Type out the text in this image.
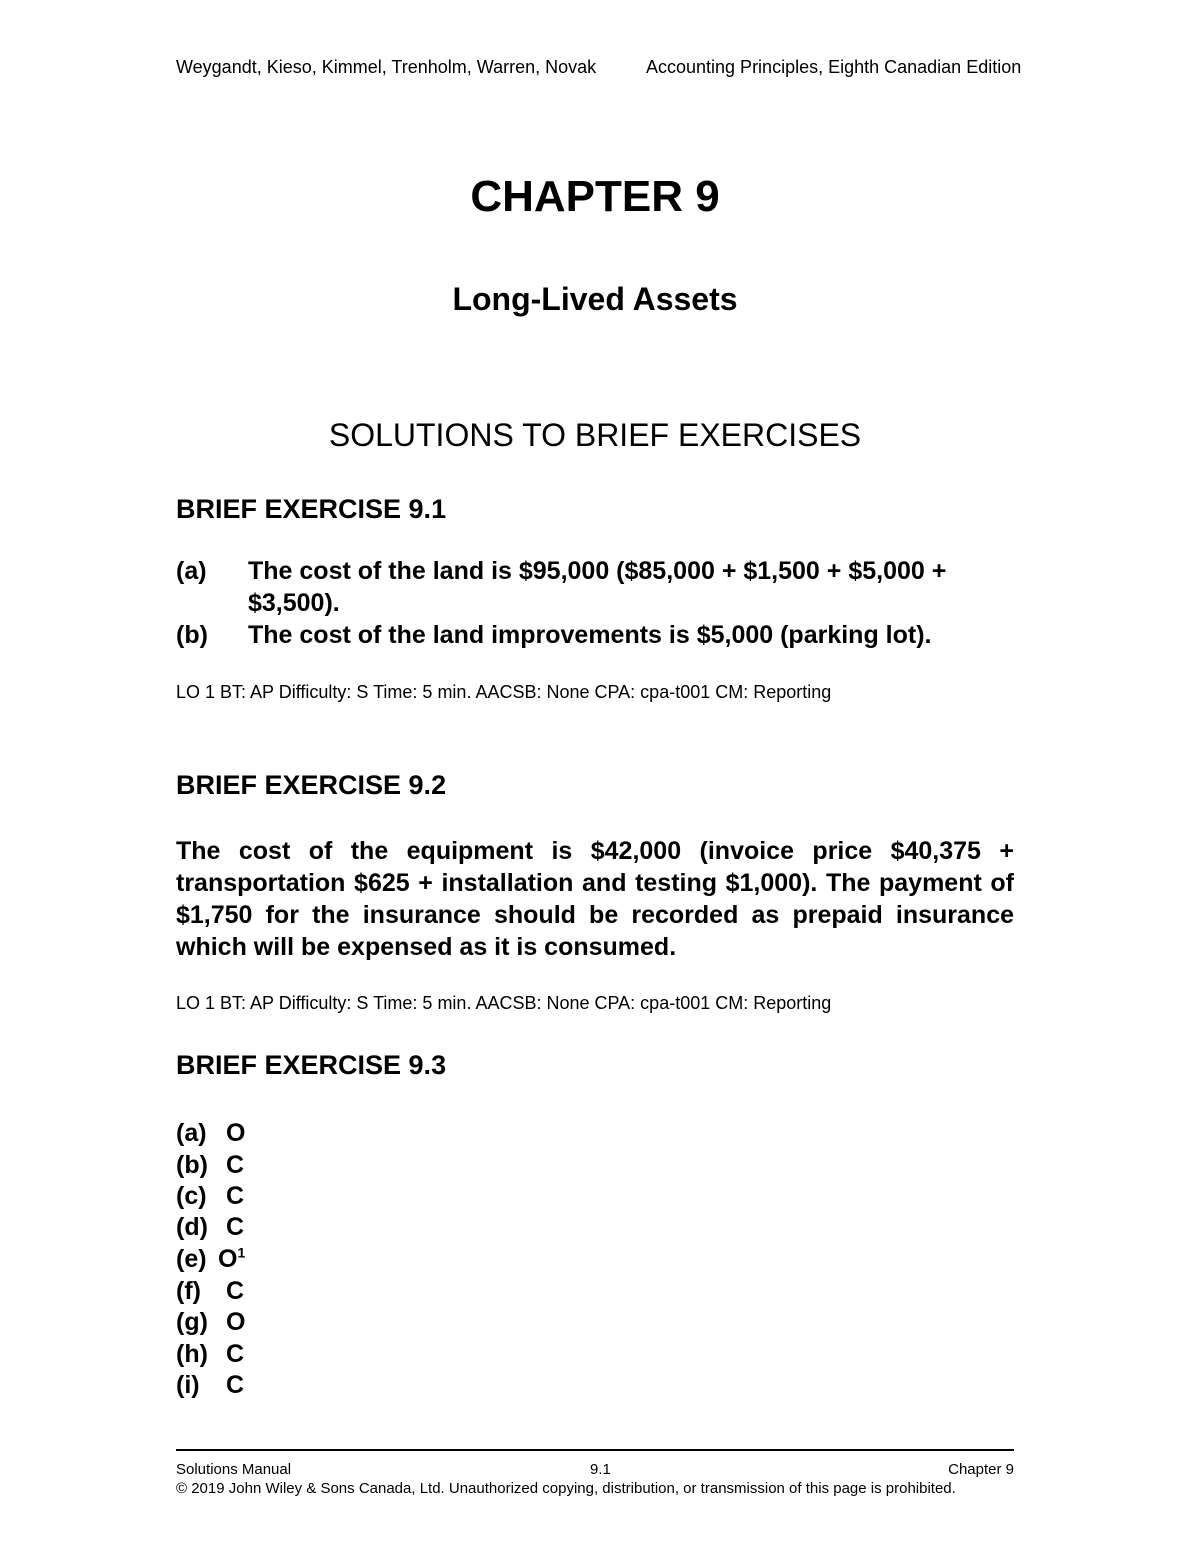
Weygandt, Kieso, Kimmel, Trenholm, Warren, Novak	Accounting Principles, Eighth Canadian Edition
CHAPTER 9
Long-Lived Assets
SOLUTIONS TO BRIEF EXERCISES
BRIEF EXERCISE 9.1
(a) The cost of the land is $95,000 ($85,000 + $1,500 + $5,000 +
$3,500).
(b) The cost of the land improvements is $5,000 (parking lot).
LO 1 BT: AP Difficulty: S Time: 5 min. AACSB: None CPA: cpa-t001 CM: Reporting
BRIEF EXERCISE 9.2
The cost of the equipment is $42,000 (invoice price $40,375 + transportation $625 + installation and testing $1,000). The payment of $1,750 for the insurance should be recorded as prepaid insurance which will be expensed as it is consumed.
LO 1 BT: AP Difficulty: S Time: 5 min. AACSB: None CPA: cpa-t001 CM: Reporting
BRIEF EXERCISE 9.3
(a) O
(b) C
(c) C
(d) C
(e) $O^1$
(f) C
(g) O
(h) C
(i) C
Solutions Manual	9.1	Chapter 9
© 2019 John Wiley & Sons Canada, Ltd. Unauthorized copying, distribution, or transmission of this page is prohibited.
